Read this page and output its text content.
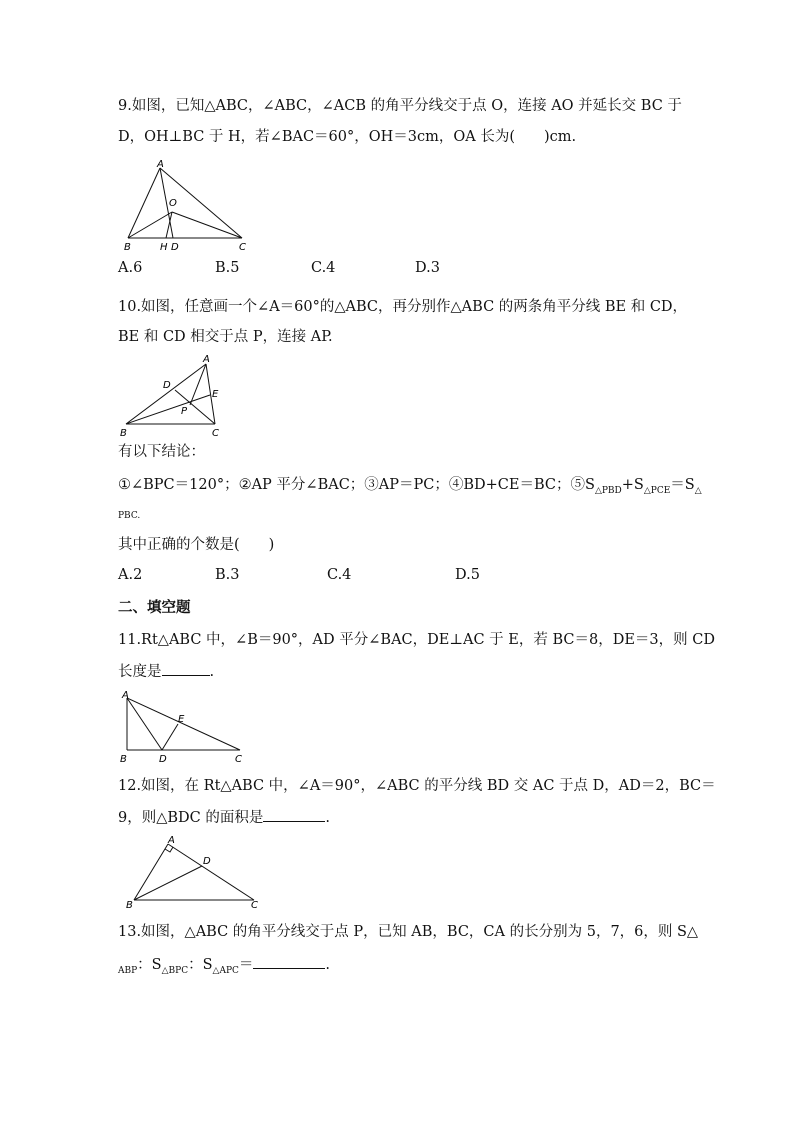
9.如图，已知△ABC，∠ABC，∠ACB 的角平分线交于点 O，连接 AO 并延长交 BC 于
D，OH⊥BC 于 H，若∠BAC＝60°，OH＝3cm，OA 长为(　　)cm.
A
O
B	H D	C
A.6	B.5	C.4	D.3
10.如图，任意画一个∠A＝60°的△ABC，再分别作△ABC 的两条角平分线 BE 和 CD，
BE 和 CD 相交于点 P，连接 AP.
A
D
E
P
B	C
有以下结论：
①∠BPC＝120°；②AP 平分∠BAC；③AP＝PC；④BD+CE＝BC；$⑤S_{\triangle PBD}+S_{\triangle PCE}=S_\triangle$
PBC.
其中正确的个数是(　　)
A.2	B.3	C.4	D.5
二、填空题
11.Rt△ABC 中，∠B＝90°，AD 平分∠BAC，DE⊥AC 于 E，若 BC＝8，DE＝3，则 CD
长度是	.
A
E
B	D	C
12.如图，在 Rt△ABC 中，∠A＝90°，∠ABC 的平分线 BD 交 AC 于点 D，AD＝2，BC＝
9，则△BDC 的面积是	.
A
D
B	C
13.如图，△ABC 的角平分线交于点 P，已知 AB，BC，CA 的长分别为 5，7，6，则 S△
$_{ABP}$：$S_{\triangle BPC}$：$S_{\triangle APC}=$	.
